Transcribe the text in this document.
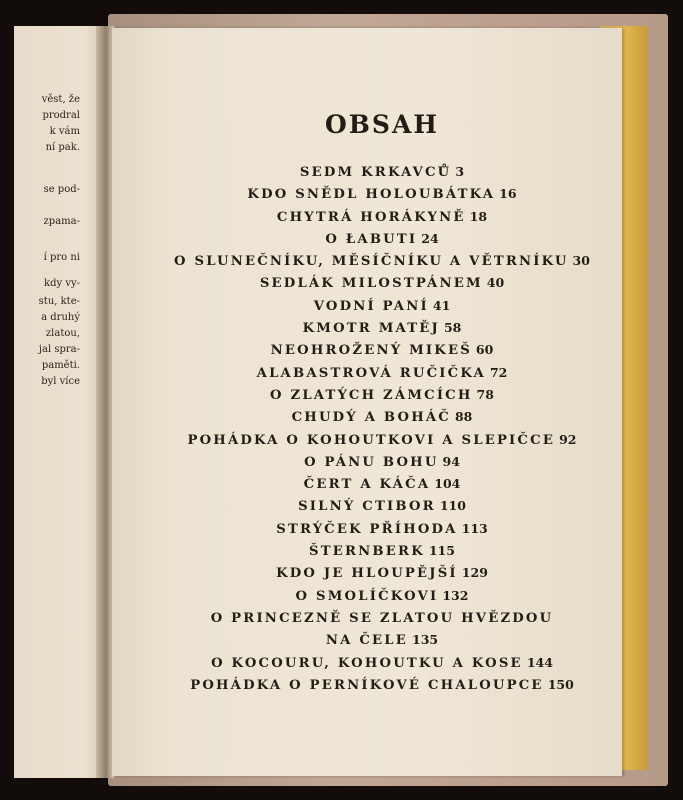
věst, že
prodral
k vám
ní pak.
se pod-
zpama-
í pro ni
kdy vy-
stu, kte-
a druhý
zlatou,
jal spra-
paměti.
byl více
OBSAH
SEDM KRKAVCŮ 3
KDO SNĚDL HOLOUBÁTKA 16
CHYTRÁ HORÁKYNĚ 18
O ŁABUTI 24
O SLUNEČNÍKU, MĚSÍČNÍKU A VĚTRNÍKU 30
SEDLÁK MILOSTPÁNEM 40
VODNÍ PANÍ 41
KMOTR MATĚJ 58
NEOHROŽENÝ MIKEŠ 60
ALABASTROVÁ RUČIČKA 72
O ZLATÝCH ZÁMCÍCH 78
CHUDÝ A BOHÁČ 88
POHÁDKA O KOHOUTKOVI A SLEPIČCE 92
O PÁNU BOHU 94
ČERT A KÁČA 104
SILNÝ CTIBOR 110
STRÝČEK PŘÍHODA 113
ŠTERNBERK 115
KDO JE HLOUPĚJŠÍ 129
O SMOLÍČKOVI 132
O PRINCEZNĚ SE ZLATOU HVĚZDOU
NA ČELE 135
O KOCOURU, KOHOUTKU A KOSE 144
POHÁDKA O PERNÍKOVÉ CHALOUPCE 150
